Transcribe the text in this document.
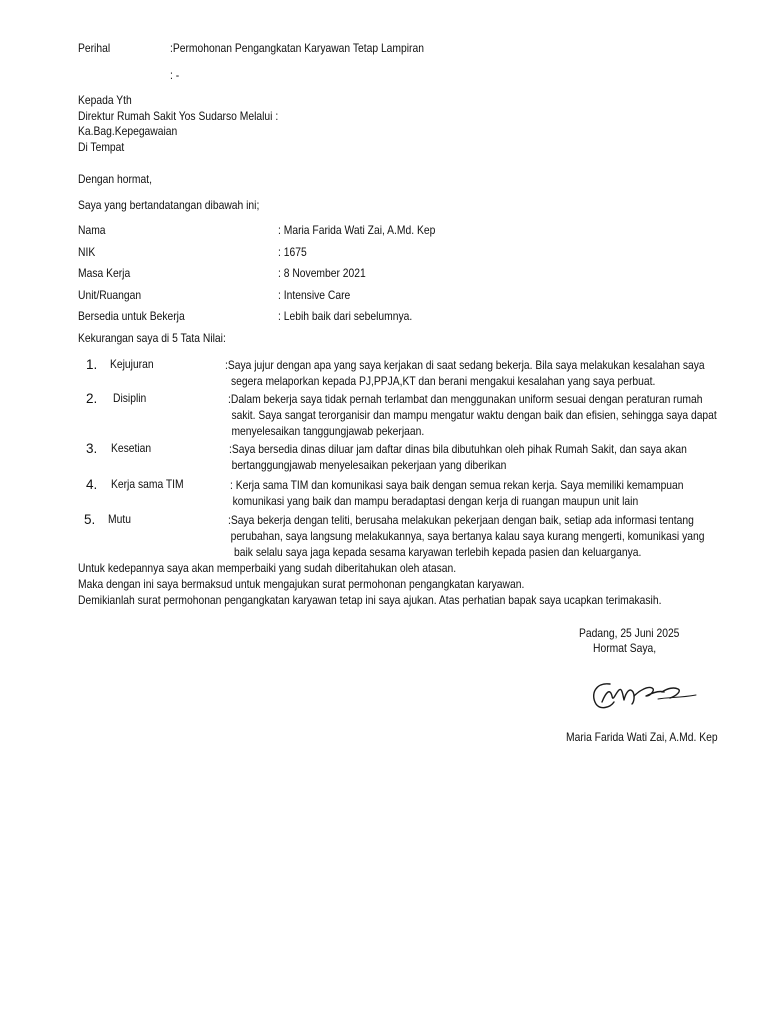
Perihal	:Permohonan Pengangkatan Karyawan Tetap Lampiran
: -
Kepada Yth
Direktur Rumah Sakit Yos Sudarso Melalui :
Ka.Bag.Kepegawaian
Di Tempat
Dengan hormat,
Saya yang bertandatangan dibawah ini;
Nama	: Maria Farida Wati Zai, A.Md. Kep
NIK	: 1675
Masa Kerja	: 8 November 2021
Unit/Ruangan	: Intensive Care
Bersedia untuk Bekerja	: Lebih baik dari sebelumnya.
Kekurangan saya di 5 Tata Nilai:
1. Kejujuran	:Saya jujur dengan apa yang saya kerjakan di saat sedang bekerja. Bila saya melakukan kesalahan saya
segera melaporkan kepada PJ,PPJA,KT dan berani mengakui kesalahan yang saya perbuat.
2. Disiplin	:Dalam bekerja saya tidak pernah terlambat dan menggunakan uniform sesuai dengan peraturan rumah
sakit. Saya sangat terorganisir dan mampu mengatur waktu dengan baik dan efisien, sehingga saya dapat
menyelesaikan tanggungjawab pekerjaan.
3. Kesetian	:Saya bersedia dinas diluar jam daftar dinas bila dibutuhkan oleh pihak Rumah Sakit, dan saya akan
bertanggungjawab menyelesaikan pekerjaan yang diberikan
4. Kerja sama TIM	: Kerja sama TIM dan komunikasi saya baik dengan semua rekan kerja. Saya memiliki kemampuan
komunikasi yang baik dan mampu beradaptasi dengan kerja di ruangan maupun unit lain
5. Mutu	:Saya bekerja dengan teliti, berusaha melakukan pekerjaan dengan baik, setiap ada informasi tentang
perubahan, saya langsung melakukannya, saya bertanya kalau saya kurang mengerti, komunikasi yang
baik selalu saya jaga kepada sesama karyawan terlebih kepada pasien dan keluarganya.
Untuk kedepannya saya akan memperbaiki yang sudah diberitahukan oleh atasan.
Maka dengan ini saya bermaksud untuk mengajukan surat permohonan pengangkatan karyawan.
Demikianlah surat permohonan pengangkatan karyawan tetap ini saya ajukan. Atas perhatian bapak saya ucapkan terimakasih.
Padang, 25 Juni 2025
Hormat Saya,
Maria Farida Wati Zai, A.Md. Kep
